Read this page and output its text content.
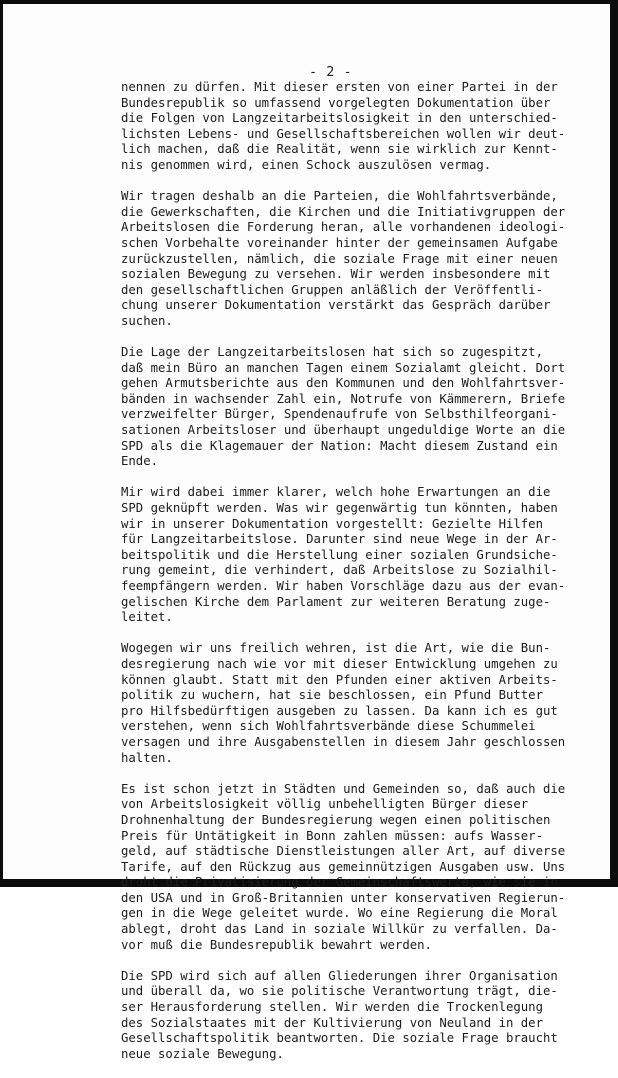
- 2 -
nennen zu dürfen. Mit dieser ersten von einer Partei in der
Bundesrepublik so umfassend vorgelegten Dokumentation über
die Folgen von Langzeitarbeitslosigkeit in den unterschied-
lichsten Lebens- und Gesellschaftsbereichen wollen wir deut-
lich machen, daß die Realität, wenn sie wirklich zur Kennt-
nis genommen wird, einen Schock auszulösen vermag.
Wir tragen deshalb an die Parteien, die Wohlfahrtsverbände,
die Gewerkschaften, die Kirchen und die Initiativgruppen der
Arbeitslosen die Forderung heran, alle vorhandenen ideologi-
schen Vorbehalte voreinander hinter der gemeinsamen Aufgabe
zurückzustellen, nämlich, die soziale Frage mit einer neuen
sozialen Bewegung zu versehen. Wir werden insbesondere mit
den gesellschaftlichen Gruppen anläßlich der Veröffentli-
chung unserer Dokumentation verstärkt das Gespräch darüber
suchen.
Die Lage der Langzeitarbeitslosen hat sich so zugespitzt,
daß mein Büro an manchen Tagen einem Sozialamt gleicht. Dort
gehen Armutsberichte aus den Kommunen und den Wohlfahrtsver-
bänden in wachsender Zahl ein, Notrufe von Kämmerern, Briefe
verzweifelter Bürger, Spendenaufrufe von Selbsthilfeorgani-
sationen Arbeitsloser und überhaupt ungeduldige Worte an die
SPD als die Klagemauer der Nation: Macht diesem Zustand ein
Ende.
Mir wird dabei immer klarer, welch hohe Erwartungen an die
SPD geknüpft werden. Was wir gegenwärtig tun könnten, haben
wir in unserer Dokumentation vorgestellt: Gezielte Hilfen
für Langzeitarbeitslose. Darunter sind neue Wege in der Ar-
beitspolitik und die Herstellung einer sozialen Grundsiche-
rung gemeint, die verhindert, daß Arbeitslose zu Sozialhil-
feempfängern werden. Wir haben Vorschläge dazu aus der evan-
gelischen Kirche dem Parlament zur weiteren Beratung zuge-
leitet.
Wogegen wir uns freilich wehren, ist die Art, wie die Bun-
desregierung nach wie vor mit dieser Entwicklung umgehen zu
können glaubt. Statt mit den Pfunden einer aktiven Arbeits-
politik zu wuchern, hat sie beschlossen, ein Pfund Butter
pro Hilfsbedürftigen ausgeben zu lassen. Da kann ich es gut
verstehen, wenn sich Wohlfahrtsverbände diese Schummelei
versagen und ihre Ausgabenstellen in diesem Jahr geschlossen
halten.
Es ist schon jetzt in Städten und Gemeinden so, daß auch die
von Arbeitslosigkeit völlig unbehelligten Bürger dieser
Drohnenhaltung der Bundesregierung wegen einen politischen
Preis für Untätigkeit in Bonn zahlen müssen: aufs Wasser-
geld, auf städtische Dienstleistungen aller Art, auf diverse
Tarife, auf den Rückzug aus gemeinnützigen Ausgaben usw. Uns
droht die Privatisierung der Gemeinschaftswerte, wie sie in
den USA und in Groß-Britannien unter konservativen Regierun-
gen in die Wege geleitet wurde. Wo eine Regierung die Moral
ablegt, droht das Land in soziale Willkür zu verfallen. Da-
vor muß die Bundesrepublik bewahrt werden.
Die SPD wird sich auf allen Gliederungen ihrer Organisation
und überall da, wo sie politische Verantwortung trägt, die-
ser Herausforderung stellen. Wir werden die Trockenlegung
des Sozialstaates mit der Kultivierung von Neuland in der
Gesellschaftspolitik beantworten. Die soziale Frage braucht
neue soziale Bewegung.
